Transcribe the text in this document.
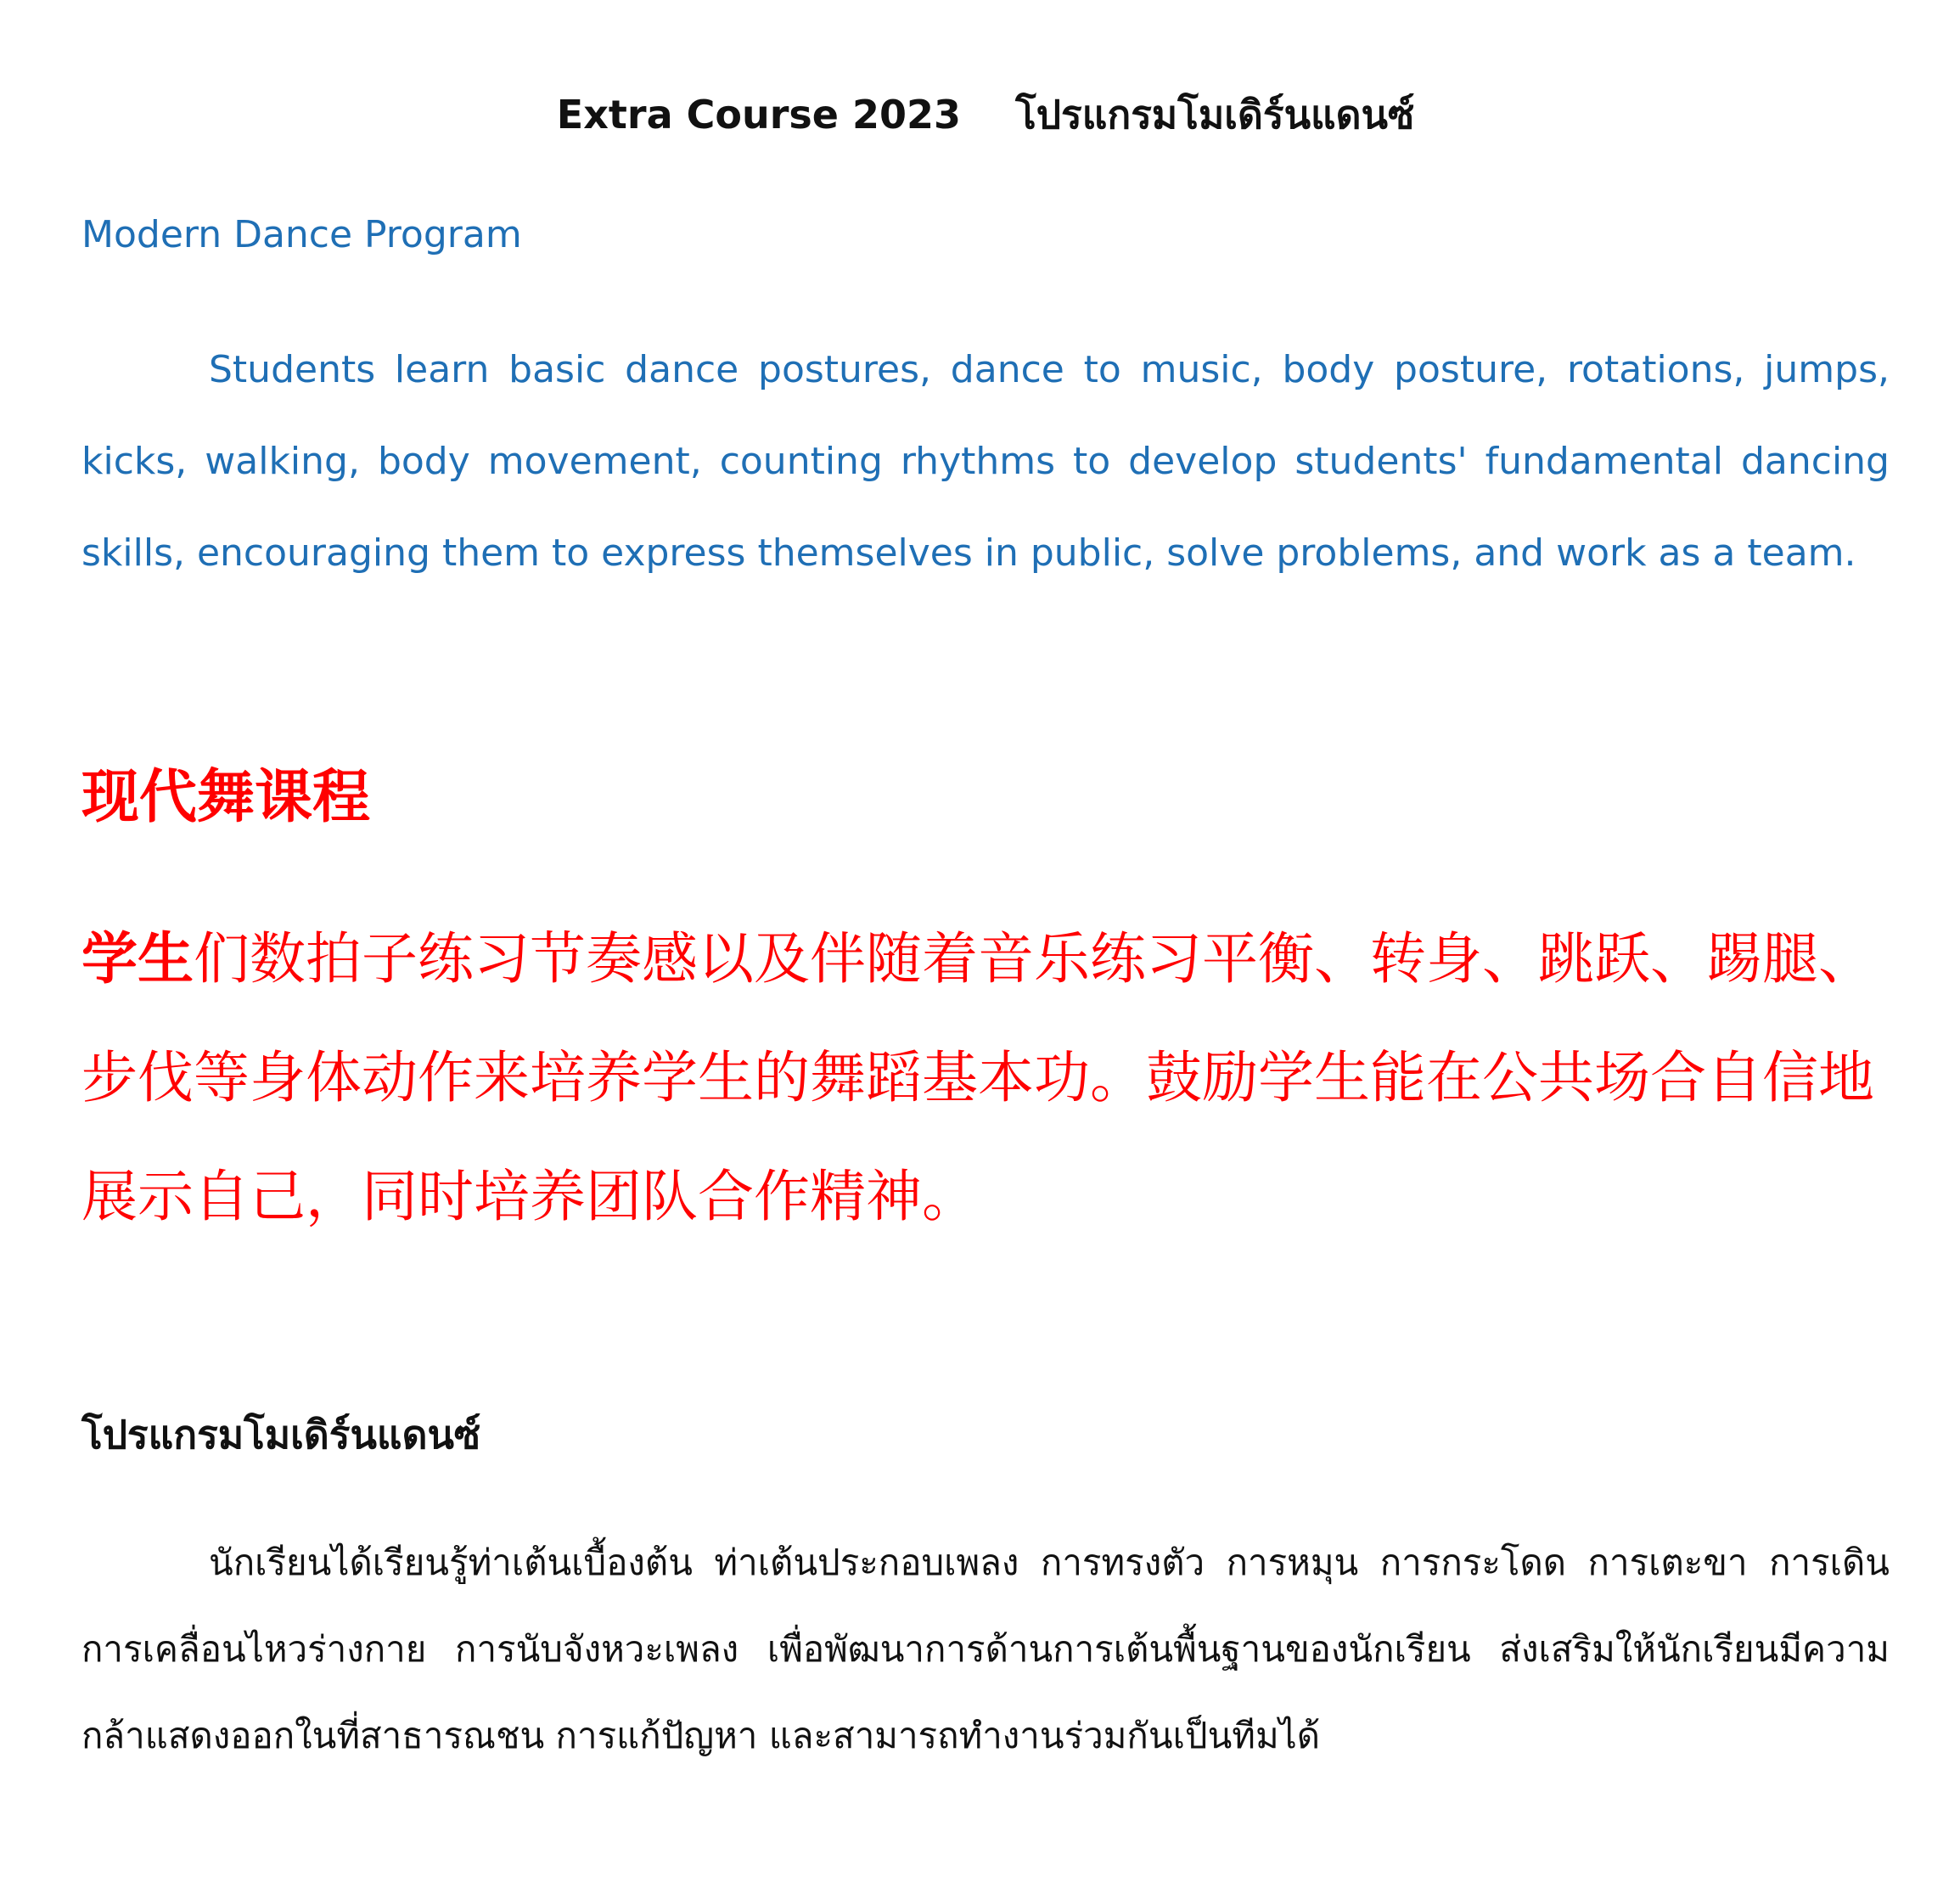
Extra Course 2023    โปรแกรมโมเดิร์นแดนซ์
Modern Dance Program
Students learn basic dance postures, dance to music, body posture, rotations, jumps, kicks, walking, body movement, counting rhythms to develop students' fundamental dancing skills, encouraging them to express themselves in public, solve problems, and work as a team.
现代舞课程
学生们数拍子练习节奏感以及伴随着音乐练习平衡、转身、跳跃、踢腿、步伐等身体动作来培养学生的舞蹈基本功。鼓励学生能在公共场合自信地展示自己，同时培养团队合作精神。
โปรแกรมโมเดิร์นแดนซ์
นักเรียนได้เรียนรู้ท่าเต้นเบื้องต้น ท่าเต้นประกอบเพลง การทรงตัว การหมุน การกระโดด การเตะขา การเดิน การเคลื่อนไหวร่างกาย การนับจังหวะเพลง เพื่อพัฒนาการด้านการเต้นพื้นฐานของนักเรียน ส่งเสริมให้นักเรียนมีความกล้าแสดงออกในที่สาธารณชน การแก้ปัญหา และสามารถทำงานร่วมกันเป็นทีมได้
